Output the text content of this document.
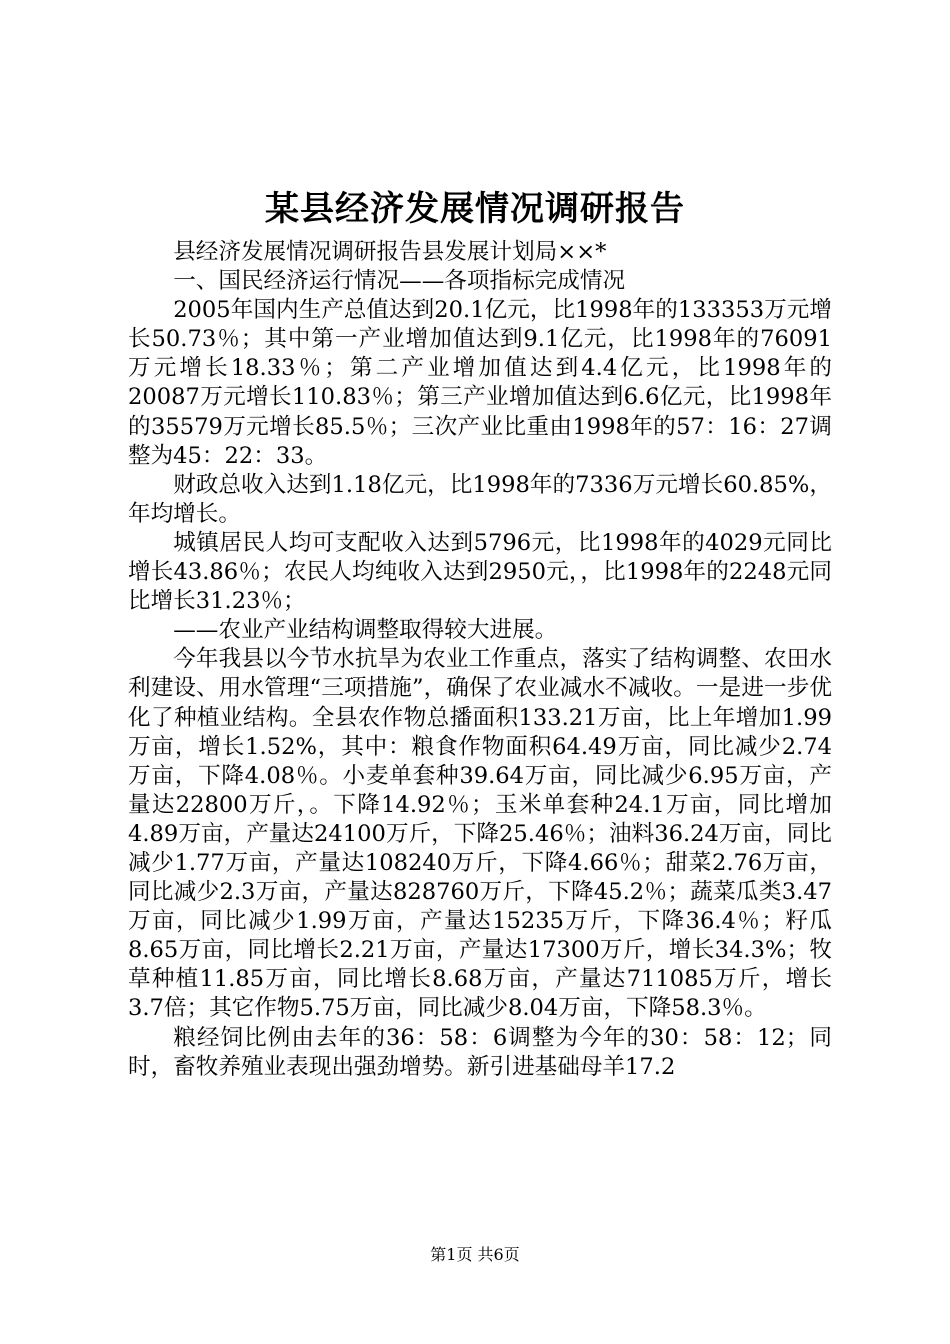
某县经济发展情况调研报告

县经济发展情况调研报告县发展计划局××*

一、国民经济运行情况——各项指标完成情况

2005年国内生产总值达到20.1亿元，比1998年的133353万元增长50.73％；其中第一产业增加值达到9.1亿元，比1998年的76091万元增长18.33％；第二产业增加值达到4.4亿元，比1998年的20087万元增长110.83％；第三产业增加值达到6.6亿元，比1998年的35579万元增长85.5％；三次产业比重由1998年的57：16：27调整为45：22：33。

财政总收入达到1.18亿元，比1998年的7336万元增长60.85%，年均增长。

城镇居民人均可支配收入达到5796元，比1998年的4029元同比增长43.86％；农民人均纯收入达到2950元，，比1998年的2248元同比增长31.23％；

——农业产业结构调整取得较大进展。

今年我县以今节水抗旱为农业工作重点，落实了结构调整、农田水利建设、用水管理“三项措施”，确保了农业减水不减收。一是进一步优化了种植业结构。全县农作物总播面积133.21万亩，比上年增加1.99万亩，增长1.52%，其中：粮食作物面积64.49万亩，同比减少2.74万亩，下降4.08％。小麦单套种39.64万亩，同比减少6.95万亩，产量达22800万斤，。下降14.92％；玉米单套种24.1万亩，同比增加4.89万亩，产量达24100万斤，下降25.46％；油料36.24万亩，同比减少1.77万亩，产量达108240万斤，下降4.66％；甜菜2.76万亩，同比减少2.3万亩，产量达828760万斤，下降45.2％；蔬菜瓜类3.47万亩，同比减少1.99万亩，产量达15235万斤，下降36.4％；籽瓜8.65万亩，同比增长2.21万亩，产量达17300万斤，增长34.3%；牧草种植11.85万亩，同比增长8.68万亩，产量达711085万斤，增长3.7倍；其它作物5.75万亩，同比减少8.04万亩，下降58.3％。

粮经饲比例由去年的36：58：6调整为今年的30：58：12；同时，畜牧养殖业表现出强劲增势。新引进基础母羊17.2

第1页 共6页
